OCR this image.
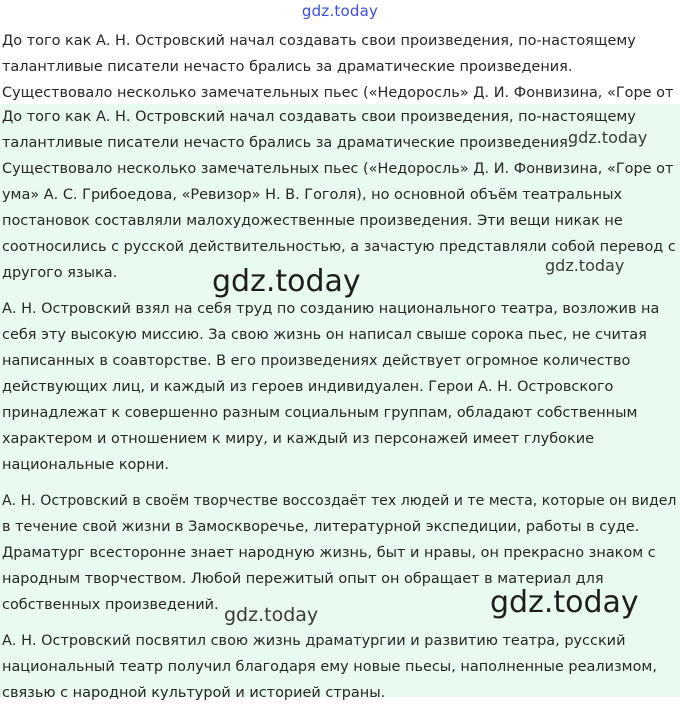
gdz.today
До того как А. Н. Островский начал создавать свои произведения, по-настоящему
талантливые писатели нечасто брались за драматические произведения.
Существовало несколько замечательных пьес («Недоросль» Д. И. Фонвизина, «Горе от
До того как А. Н. Островский начал создавать свои произведения, по-настоящему
талантливые писатели нечасто брались за драматические произведения.
Существовало несколько замечательных пьес («Недоросль» Д. И. Фонвизина, «Горе от
ума» А. С. Грибоедова, «Ревизор» Н. В. Гоголя), но основной объём театральных
постановок составляли малохудожественные произведения. Эти вещи никак не
соотносились с русской действительностью, а зачастую представляли собой перевод с
другого языка.
А. Н. Островский взял на себя труд по созданию национального театра, возложив на
себя эту высокую миссию. За свою жизнь он написал свыше сорока пьес, не считая
написанных в соавторстве. В его произведениях действует огромное количество
действующих лиц, и каждый из героев индивидуален. Герои А. Н. Островского
принадлежат к совершенно разным социальным группам, обладают собственным
характером и отношением к миру, и каждый из персонажей имеет глубокие
национальные корни.
А. Н. Островский в своём творчестве воссоздаёт тех людей и те места, которые он видел
в течение свой жизни в Замоскворечье, литературной экспедиции, работы в суде.
Драматург всесторонне знает народную жизнь, быт и нравы, он прекрасно знаком с
народным творчеством. Любой пережитый опыт он обращает в материал для
собственных произведений.
А. Н. Островский посвятил свою жизнь драматургии и развитию театра, русский
национальный театр получил благодаря ему новые пьесы, наполненные реализмом,
связью с народной культурой и историей страны.
gdz.today
gdz.today
gdz.today
gdz.today
gdz.today
